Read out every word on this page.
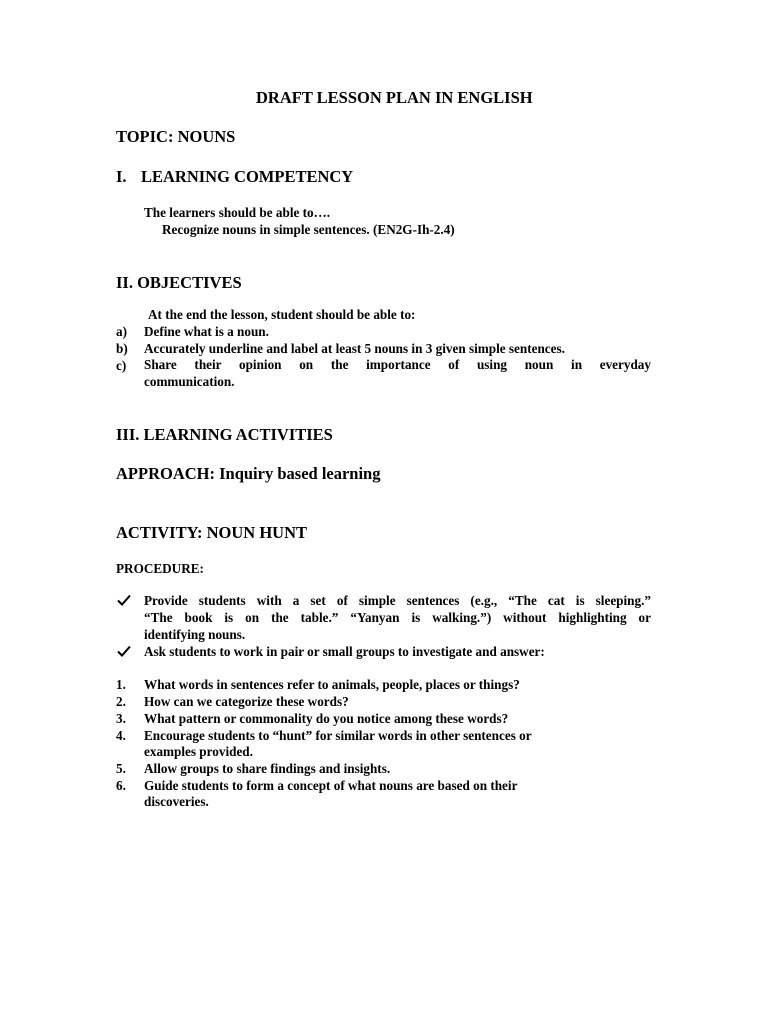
DRAFT LESSON PLAN IN ENGLISH
TOPIC: NOUNS
I. LEARNING COMPETENCY
The learners should be able to….
Recognize nouns in simple sentences. (EN2G-Ih-2.4)
II. OBJECTIVES
At the end the lesson, student should be able to:
a)	Define what is a noun.
b)	Accurately underline and label at least 5 nouns in 3 given simple sentences.
c)	Share their opinion on the importance of using noun in everyday
communication.
III. LEARNING ACTIVITIES
APPROACH: Inquiry based learning
ACTIVITY: NOUN HUNT
PROCEDURE:
Provide students with a set of simple sentences (e.g., “The cat is sleeping.”
“The book is on the table.” “Yanyan is walking.”) without highlighting or
identifying nouns.
Ask students to work in pair or small groups to investigate and answer:
1.	What words in sentences refer to animals, people, places or things?
2.	How can we categorize these words?
3.	What pattern or commonality do you notice among these words?
4.	Encourage students to “hunt” for similar words in other sentences or
examples provided.
5.	Allow groups to share findings and insights.
6.	Guide students to form a concept of what nouns are based on their
discoveries.
